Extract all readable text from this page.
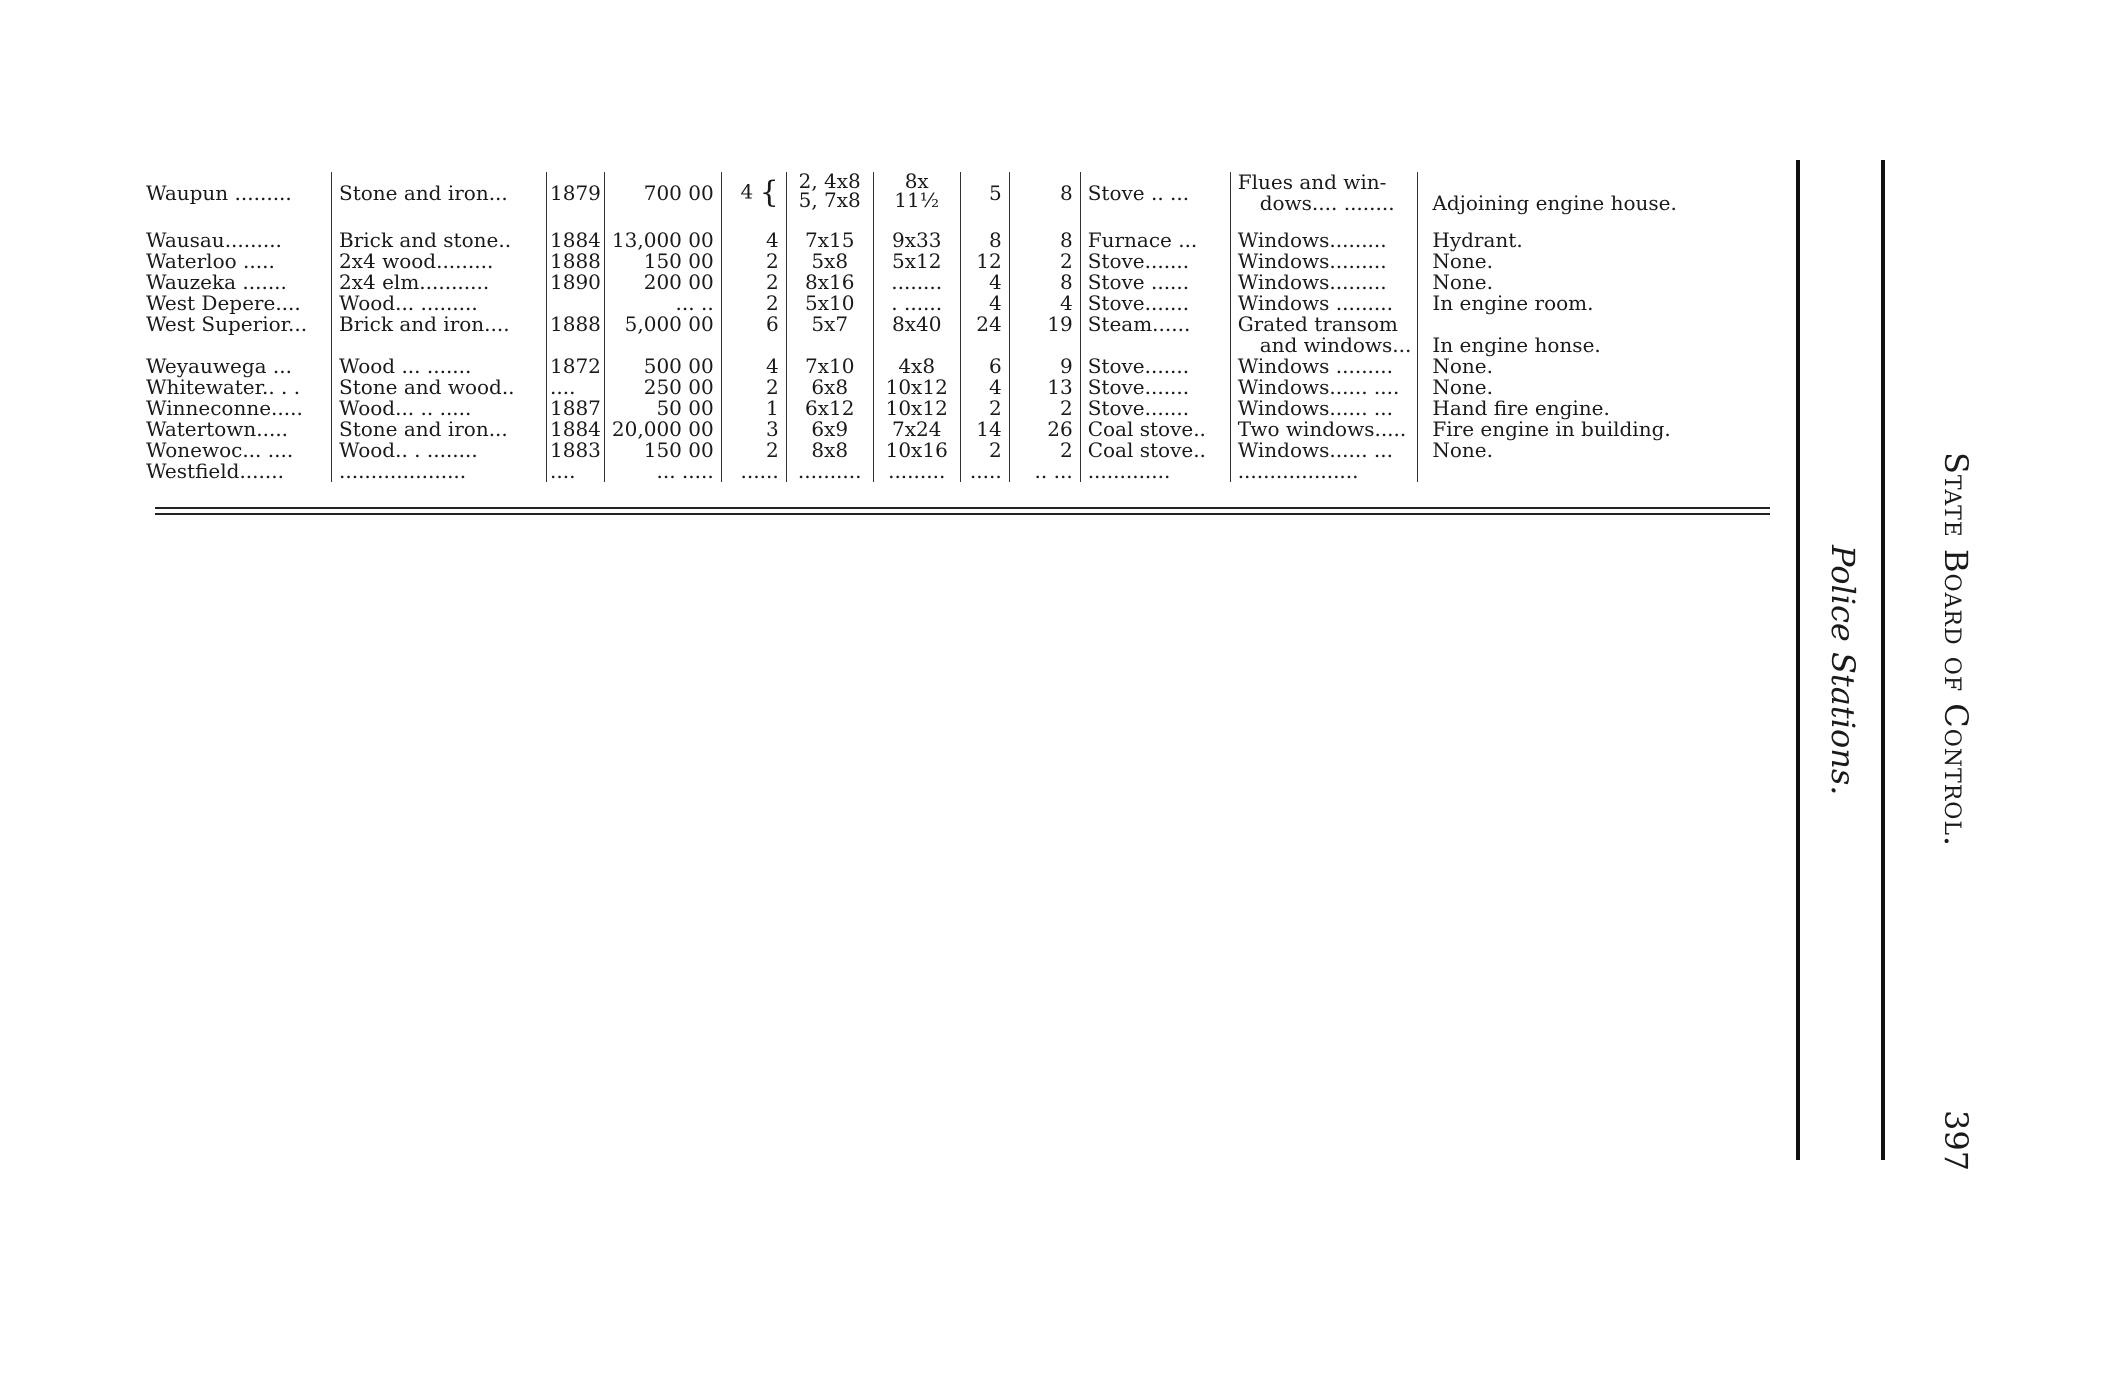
Waupun .........	Stone and iron...	1879	700 00	4 {	2, 4x8
5, 7x8	8x
11½	5	8	Stove .. ...	Flues and win-
dows.... ........	Adjoining engine house.

Wausau.........	Brick and stone..	1884	13,000 00	4	7x15	9x33	8	8	Furnace ...	Windows.........	Hydrant.
Waterloo .....	2x4 wood.........	1888	150 00	2	5x8	5x12	12	2	Stove.......	Windows.........	None.
Wauzeka .......	2x4 elm...........	1890	200 00	2	8x16	........	4	8	Stove ......	Windows.........	None.
West Depere....	Wood... .........		... ..	2	5x10	. ......	4	4	Stove.......	Windows .........	In engine room.
West Superior...	Brick and iron....	1888	5,000 00	6	5x7	8x40	24	19	Steam......	Grated transom
and windows...	In engine honse.

Weyauwega ...	Wood ... .......	1872	500 00	4	7x10	4x8	6	9	Stove.......	Windows .........	None.
Whitewater.. . .	Stone and wood..	....	250 00	2	6x8	10x12	4	13	Stove.......	Windows...... ....	None.
Winneconne.....	Wood... .. .....	1887	50 00	1	6x12	10x12	2	2	Stove.......	Windows...... ...	Hand fire engine.
Watertown.....	Stone and iron...	1884	20,000 00	3	6x9	7x24	14	26	Coal stove..	Two windows.....	Fire engine in building.
Wonewoc... ....	Wood.. . ........	1883	150 00	2	8x8	10x16	2	2	Coal stove..	Windows...... ...	None.
Westfield.......	....................	....	... .....	......	..........	.........	.....	.. ...	.............	...................		State Board of Control.
Police Stations.
397
